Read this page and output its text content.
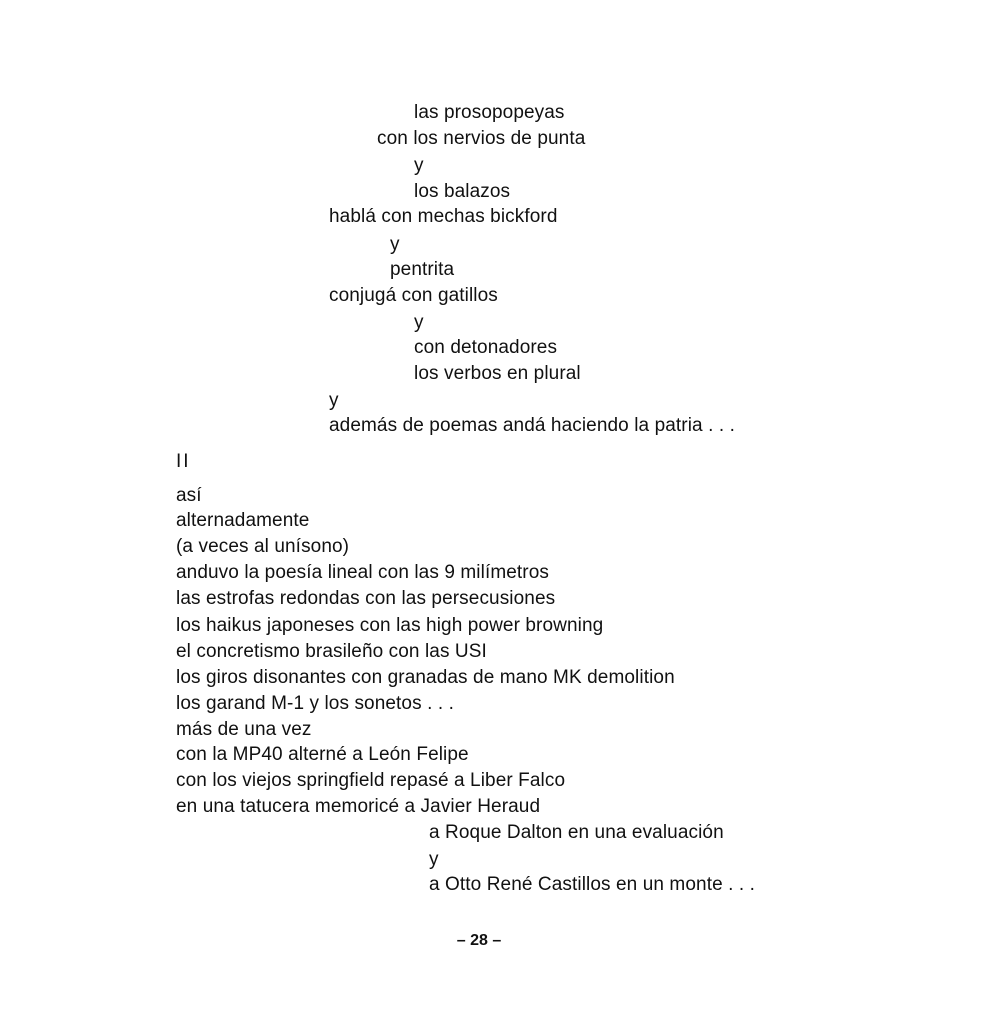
las prosopopeyas
con los nervios de punta
y
los balazos
hablá con mechas bickford
y
pentrita
conjugá con gatillos
y
con detonadores
los verbos en plural
y
además de poemas andá haciendo la patria . . .
II
así
alternadamente
(a veces al unísono)
anduvo la poesía lineal con las 9 milímetros
las estrofas redondas con las persecusiones
los haikus japoneses con las high power browning
el concretismo brasileño con las USI
los giros disonantes con granadas de mano MK demolition
los garand M-1 y los sonetos . . .
más de una vez
con la MP40 alterné a León Felipe
con los viejos springfield repasé a Liber Falco
en una tatucera memoricé a Javier Heraud
a Roque Dalton en una evaluación
y
a Otto René Castillos en un monte . . .
– 28 –
